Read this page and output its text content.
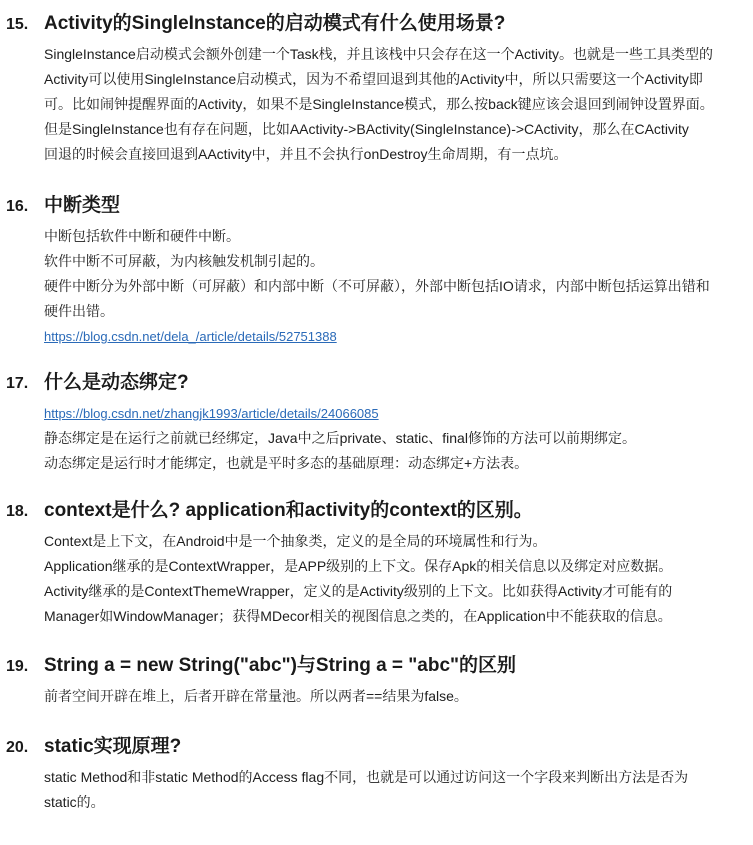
15. Activity的SingleInstance的启动模式有什么使用场景?
SingleInstance启动模式会额外创建一个Task栈，并且该栈中只会存在这一个Activity。也就是一些工具类型的
Activity可以使用SingleInstance启动模式，因为不希望回退到其他的Activity中，所以只需要这一个Activity即
可。比如闹钟提醒界面的Activity，如果不是SingleInstance模式，那么按back键应该会退回到闹钟设置界面。
但是SingleInstance也有存在问题，比如AActivity->BActivity(SingleInstance)->CActivity，那么在CActivity
回退的时候会直接回退到AActivity中，并且不会执行onDestroy生命周期，有一点坑。
16. 中断类型
中断包括软件中断和硬件中断。
软件中断不可屏蔽，为内核触发机制引起的。
硬件中断分为外部中断（可屏蔽）和内部中断（不可屏蔽），外部中断包括IO请求，内部中断包括运算出错和
硬件出错。
https://blog.csdn.net/dela_/article/details/52751388
17. 什么是动态绑定?
https://blog.csdn.net/zhangjk1993/article/details/24066085
静态绑定是在运行之前就已经绑定，Java中之后private、static、final修饰的方法可以前期绑定。
动态绑定是运行时才能绑定，也就是平时多态的基础原理：动态绑定+方法表。
18. context是什么? application和activity的context的区别。
Context是上下文，在Android中是一个抽象类，定义的是全局的环境属性和行为。
Application继承的是ContextWrapper，是APP级别的上下文。保存Apk的相关信息以及绑定对应数据。
Activity继承的是ContextThemeWrapper，定义的是Activity级别的上下文。比如获得Activity才可能有的
Manager如WindowManager；获得MDecor相关的视图信息之类的，在Application中不能获取的信息。
19. String a = new String("abc")与String a = "abc"的区别
前者空间开辟在堆上，后者开辟在常量池。所以两者==结果为false。
20. static实现原理?
static Method和非static Method的Access flag不同，也就是可以通过访问这一个字段来判断出方法是否为
static的。
